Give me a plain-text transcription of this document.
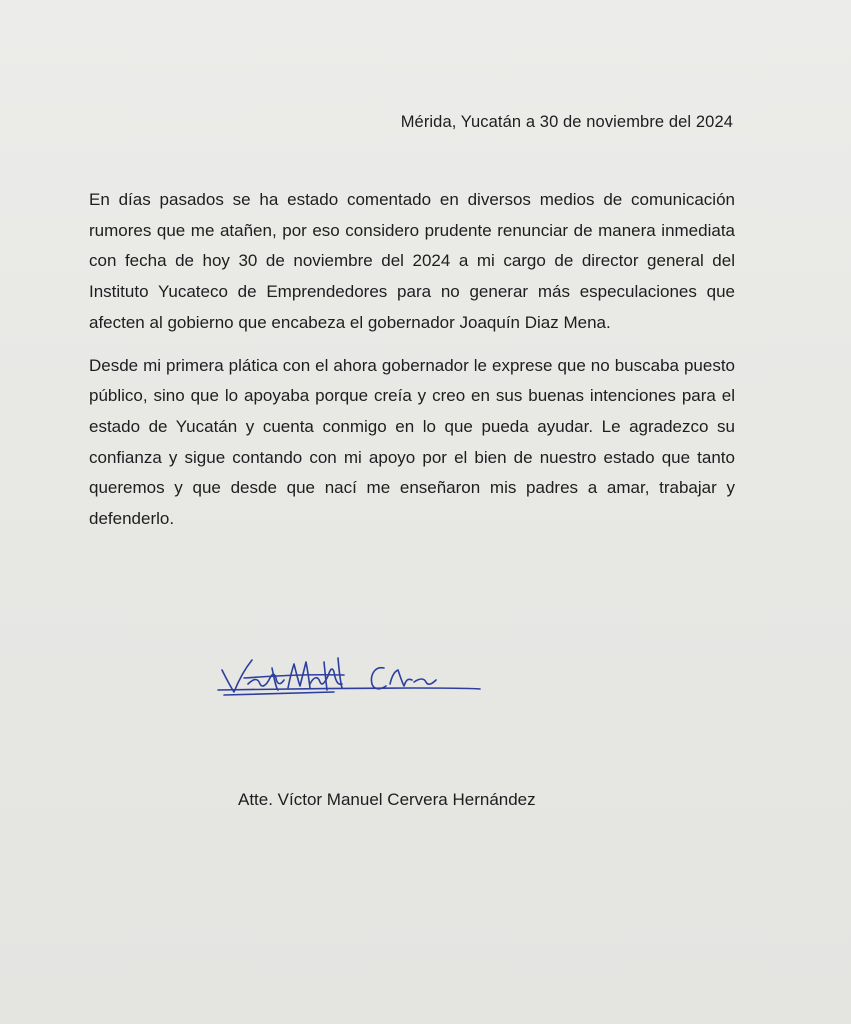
Mérida, Yucatán a 30 de noviembre del 2024

En días pasados se ha estado comentado en diversos medios de comunicación rumores que me atañen, por eso considero prudente renunciar de manera inmediata con fecha de hoy 30 de noviembre del 2024 a mi cargo de director general del Instituto Yucateco de Emprendedores para no generar más especulaciones que afecten al gobierno que encabeza el gobernador Joaquín Diaz Mena.

Desde mi primera plática con el ahora gobernador le exprese que no buscaba puesto público, sino que lo apoyaba porque creía y creo en sus buenas intenciones para el estado de Yucatán y cuenta conmigo en lo que pueda ayudar. Le agradezco su confianza y sigue contando con mi apoyo por el bien de nuestro estado que tanto queremos y que desde que nací me enseñaron mis padres a amar, trabajar y defenderlo.

Atte. Víctor Manuel Cervera Hernández
